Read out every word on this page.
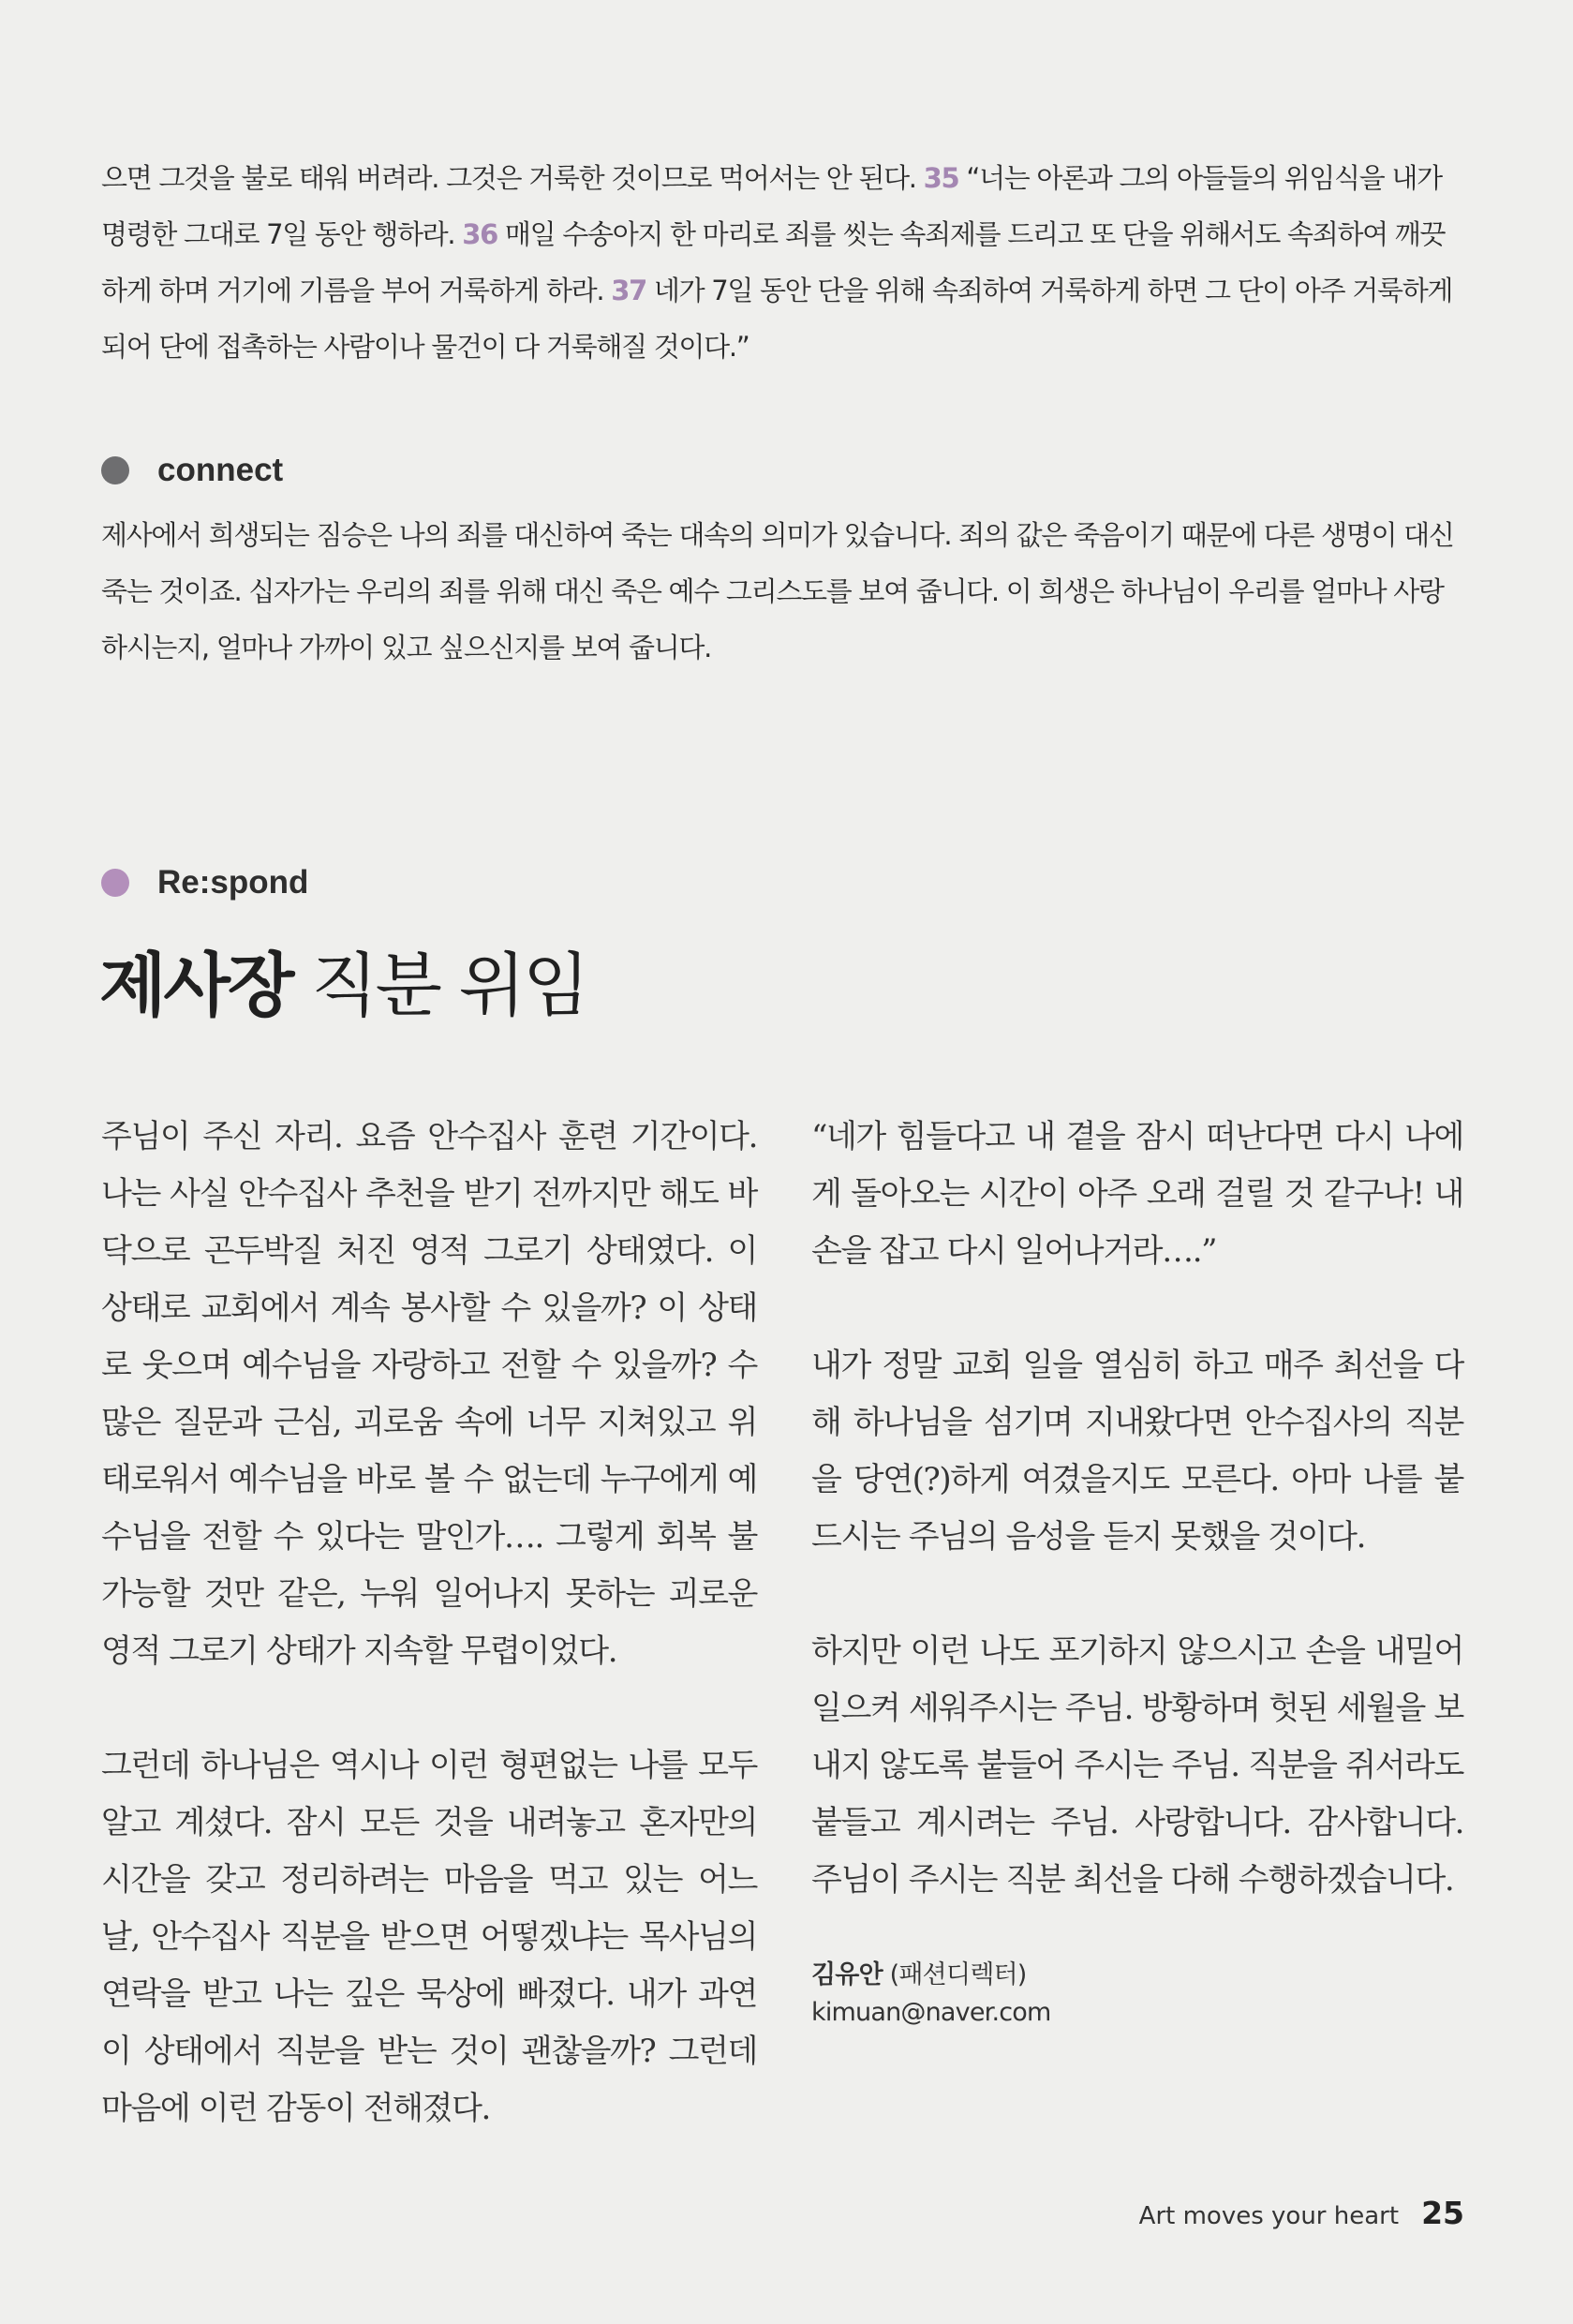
으면 그것을 불로 태워 버려라. 그것은 거룩한 것이므로 먹어서는 안 된다. 35 “너는 아론과 그의 아들들의 위임식을 내가 명령한 그대로 7일 동안 행하라. 36 매일 수송아지 한 마리로 죄를 씻는 속죄제를 드리고 또 단을 위해서도 속죄하여 깨끗하게 하며 거기에 기름을 부어 거룩하게 하라. 37 네가 7일 동안 단을 위해 속죄하여 거룩하게 하면 그 단이 아주 거룩하게 되어 단에 접촉하는 사람이나 물건이 다 거룩해질 것이다.”
connect
제사에서 희생되는 짐승은 나의 죄를 대신하여 죽는 대속의 의미가 있습니다. 죄의 값은 죽음이기 때문에 다른 생명이 대신 죽는 것이죠. 십자가는 우리의 죄를 위해 대신 죽은 예수 그리스도를 보여 줍니다. 이 희생은 하나님이 우리를 얼마나 사랑하시는지, 얼마나 가까이 있고 싶으신지를 보여 줍니다.
Re:spond
제사장 직분 위임

주님이 주신 자리. 요즘 안수집사 훈련 기간이다. 나는 사실 안수집사 추천을 받기 전까지만 해도 바닥으로 곤두박질 처진 영적 그로기 상태였다. 이 상태로 교회에서 계속 봉사할 수 있을까? 이 상태로 웃으며 예수님을 자랑하고 전할 수 있을까? 수많은 질문과 근심, 괴로움 속에 너무 지쳐있고 위태로워서 예수님을 바로 볼 수 없는데 누구에게 예수님을 전할 수 있다는 말인가…. 그렇게 회복 불가능할 것만 같은, 누워 일어나지 못하는 괴로운 영적 그로기 상태가 지속할 무렵이었다.

그런데 하나님은 역시나 이런 형편없는 나를 모두 알고 계셨다. 잠시 모든 것을 내려놓고 혼자만의 시간을 갖고 정리하려는 마음을 먹고 있는 어느 날, 안수집사 직분을 받으면 어떻겠냐는 목사님의 연락을 받고 나는 깊은 묵상에 빠졌다. 내가 과연 이 상태에서 직분을 받는 것이 괜찮을까? 그런데 마음에 이런 감동이 전해졌다.

“네가 힘들다고 내 곁을 잠시 떠난다면 다시 나에게 돌아오는 시간이 아주 오래 걸릴 것 같구나! 내 손을 잡고 다시 일어나거라….”

내가 정말 교회 일을 열심히 하고 매주 최선을 다해 하나님을 섬기며 지내왔다면 안수집사의 직분을 당연(?)하게 여겼을지도 모른다. 아마 나를 붙드시는 주님의 음성을 듣지 못했을 것이다.

하지만 이런 나도 포기하지 않으시고 손을 내밀어 일으켜 세워주시는 주님. 방황하며 헛된 세월을 보내지 않도록 붙들어 주시는 주님. 직분을 쥐서라도 붙들고 계시려는 주님. 사랑합니다. 감사합니다. 주님이 주시는 직분 최선을 다해 수행하겠습니다.

김유안 (패션디렉터)
kimuan@naver.com
Art moves your heart 25
